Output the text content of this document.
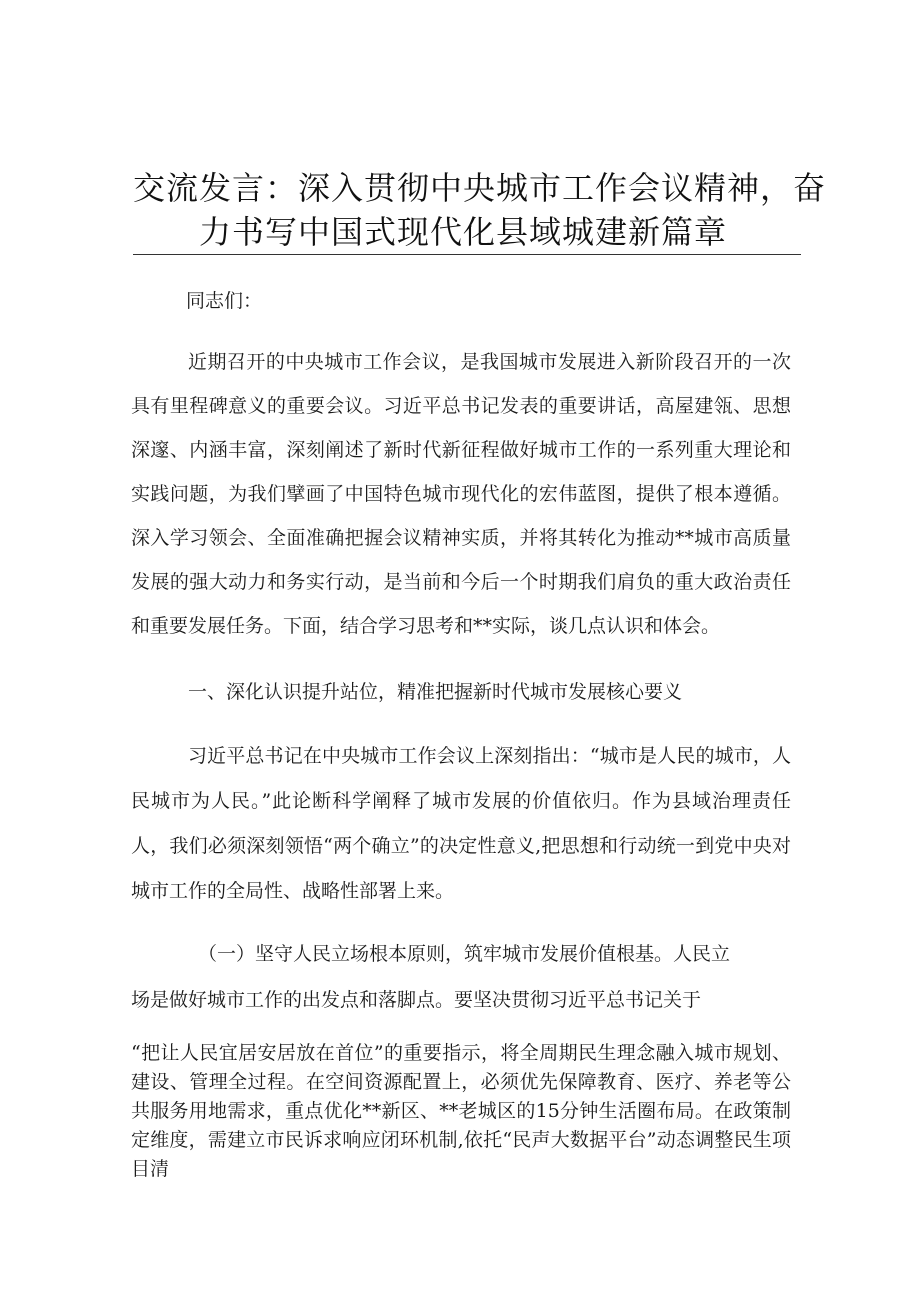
交流发言：深入贯彻中央城市工作会议精神，奋
力书写中国式现代化县域城建新篇章
同志们：
近期召开的中央城市工作会议，是我国城市发展进入新阶段召开的一次具有里程碑意义的重要会议。习近平总书记发表的重要讲话，高屋建瓴、思想深邃、内涵丰富，深刻阐述了新时代新征程做好城市工作的一系列重大理论和实践问题，为我们擘画了中国特色城市现代化的宏伟蓝图，提供了根本遵循。深入学习领会、全面准确把握会议精神实质，并将其转化为推动**城市高质量发展的强大动力和务实行动，是当前和今后一个时期我们肩负的重大政治责任和重要发展任务。下面，结合学习思考和**实际，谈几点认识和体会。
一、深化认识提升站位，精准把握新时代城市发展核心要义
习近平总书记在中央城市工作会议上深刻指出：“城市是人民的城市，人民城市为人民。”此论断科学阐释了城市发展的价值依归。作为县域治理责任人，我们必须深刻领悟“两个确立”的决定性意义,把思想和行动统一到党中央对城市工作的全局性、战略性部署上来。
（一）坚守人民立场根本原则，筑牢城市发展价值根基。人民立
场是做好城市工作的出发点和落脚点。要坚决贯彻习近平总书记关于
“把让人民宜居安居放在首位”的重要指示，将全周期民生理念融入城市规划、建设、管理全过程。在空间资源配置上，必须优先保障教育、医疗、养老等公共服务用地需求，重点优化**新区、**老城区的15分钟生活圈布局。在政策制定维度，需建立市民诉求响应闭环机制,依托“民声大数据平台”动态调整民生项目清
